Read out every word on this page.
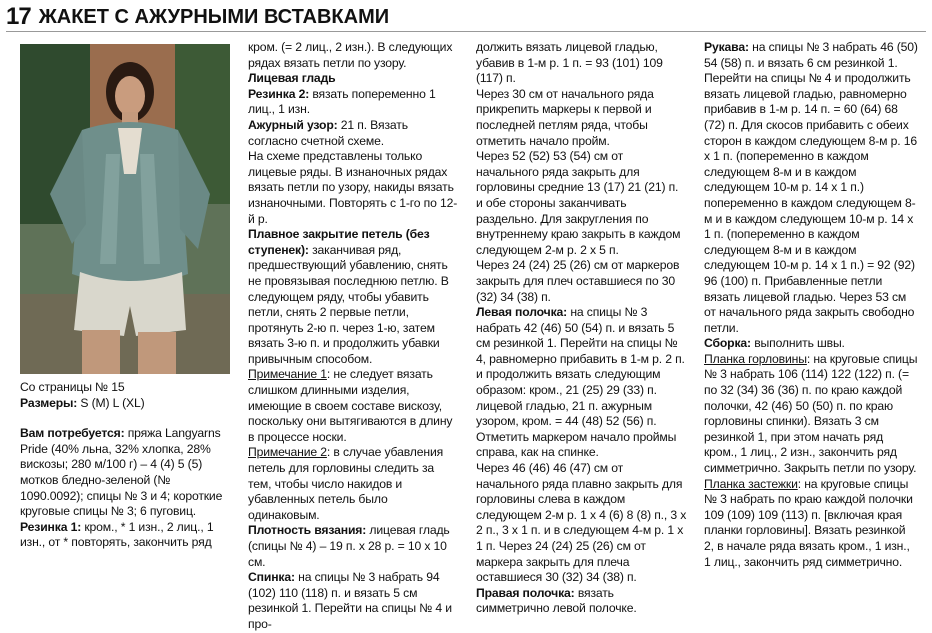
17 ЖАКЕТ С АЖУРНЫМИ ВСТАВКАМИ

Со страницы № 15

Размеры: S (M) L (XL)

Вам потребуется: пряжа Langyarns Pride (40% льна, 32% хлопка, 28% вискозы; 280 м/100 г) – 4 (4) 5 (5) мотков бледно-зеленой (№ 1090.0092); спицы № 3 и 4; короткие круговые спицы № 3; 6 пуговиц.

Резинка 1: кром., * 1 изн., 2 лиц., 1 изн., от * повторять, закончить ряд

кром. (= 2 лиц., 2 изн.). В следующих рядах вязать петли по узору.

Лицевая гладь

Резинка 2: вязать попеременно 1 лиц., 1 изн.

Ажурный узор: 21 п. Вязать согласно счетной схеме.

На схеме представлены только лицевые ряды. В изнаночных рядах вязать петли по узору, накиды вязать изнаночными. Повторять с 1-го по 12-й р.

Плавное закрытие петель (без ступенек): заканчивая ряд, предшествующий убавлению, снять не провязывая последнюю петлю. В следующем ряду, чтобы убавить петли, снять 2 первые петли, протянуть 2-ю п. через 1-ю, затем вязать 3-ю п. и продолжить убавки привычным способом.

Примечание 1: не следует вязать слишком длинными изделия, имеющие в своем составе вискозу, поскольку они вытягиваются в длину в процессе носки.

Примечание 2: в случае убавления петель для горловины следить за тем, чтобы число накидов и убавленных петель было одинаковым.

Плотность вязания: лицевая гладь (спицы № 4) – 19 п. x 28 р. = 10 x 10 см.

Спинка: на спицы № 3 набрать 94 (102) 110 (118) п. и вязать 5 см резинкой 1. Перейти на спицы № 4 и про-

должить вязать лицевой гладью, убавив в 1-м р. 1 п. = 93 (101) 109 (117) п.

Через 30 см от начального ряда прикрепить маркеры к первой и последней петлям ряда, чтобы отметить начало пройм.

Через 52 (52) 53 (54) см от начального ряда закрыть для горловины средние 13 (17) 21 (21) п. и обе стороны заканчивать раздельно. Для закругления по внутреннему краю закрыть в каждом следующем 2-м р. 2 x 5 п.

Через 24 (24) 25 (26) см от маркеров закрыть для плеч оставшиеся по 30 (32) 34 (38) п.

Левая полочка: на спицы № 3 набрать 42 (46) 50 (54) п. и вязать 5 см резинкой 1. Перейти на спицы № 4, равномерно прибавить в 1-м р. 2 п. и продолжить вязать следующим образом: кром., 21 (25) 29 (33) п. лицевой гладью, 21 п. ажурным узором, кром. = 44 (48) 52 (56) п. Отметить маркером начало проймы справа, как на спинке.

Через 46 (46) 46 (47) см от начального ряда плавно закрыть для горловины слева в каждом следующем 2-м р. 1 x 4 (6) 8 (8) п., 3 x 2 п., 3 x 1 п. и в следующем 4-м р. 1 x 1 п. Через 24 (24) 25 (26) см от маркера закрыть для плеча оставшиеся 30 (32) 34 (38) п.

Правая полочка: вязать симметрично левой полочке.

Рукава: на спицы № 3 набрать 46 (50) 54 (58) п. и вязать 6 см резинкой 1.

Перейти на спицы № 4 и продолжить вязать лицевой гладью, равномерно прибавив в 1-м р. 14 п. = 60 (64) 68 (72) п. Для скосов прибавить с обеих сторон в каждом следующем 8-м р. 16 x 1 п. (попеременно в каждом следующем 8-м и в каждом следующем 10-м р. 14 x 1 п.) попеременно в каждом следующем 8-м и в каждом следующем 10-м р. 14 x 1 п. (попеременно в каждом следующем 8-м и в каждом следующем 10-м р. 14 x 1 п.) = 92 (92) 96 (100) п. Прибавленные петли вязать лицевой гладью. Через 53 см от начального ряда закрыть свободно петли.

Сборка: выполнить швы.

Планка горловины: на круговые спицы № 3 набрать 106 (114) 122 (122) п. (= по 32 (34) 36 (36) п. по краю каждой полочки, 42 (46) 50 (50) п. по краю горловины спинки). Вязать 3 см резинкой 1, при этом начать ряд кром., 1 лиц., 2 изн., закончить ряд симметрично. Закрыть петли по узору.

Планка застежки: на круговые спицы № 3 набрать по краю каждой полочки 109 (109) 109 (113) п. [включая края планки горловины]. Вязать резинкой 2, в начале ряда вязать кром., 1 изн., 1 лиц., закончить ряд симметрично.
